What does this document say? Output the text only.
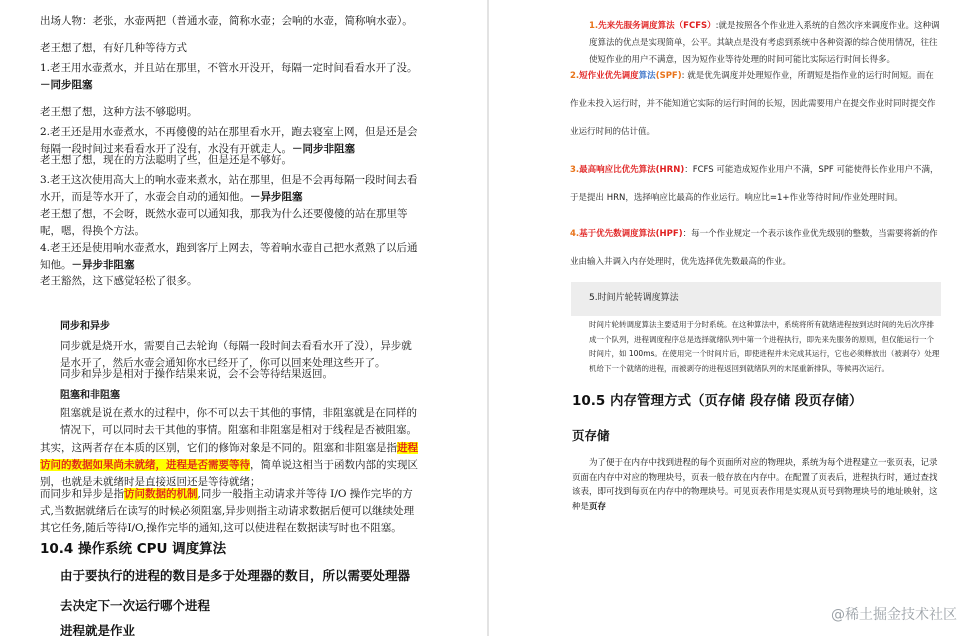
出场人物：老张，水壶两把（普通水壶，简称水壶；会响的水壶，简称响水壶）。

老王想了想，有好几种等待方式

1.老王用水壶煮水，并且站在那里，不管水开没开，每隔一定时间看看水开了没。－同步阻塞

老王想了想，这种方法不够聪明。

2.老王还是用水壶煮水，不再傻傻的站在那里看水开，跑去寝室上网，但是还是会每隔一段时间过来看看水开了没有，水没有开就走人。－同步非阻塞

老王想了想，现在的方法聪明了些，但是还是不够好。

3.老王这次使用高大上的响水壶来煮水，站在那里，但是不会再每隔一段时间去看水开，而是等水开了，水壶会自动的通知他。－异步阻塞

老王想了想，不会呀，既然水壶可以通知我，那我为什么还要傻傻的站在那里等呢，嗯，得换个方法。

4.老王还是使用响水壶煮水，跑到客厅上网去，等着响水壶自己把水煮熟了以后通知他。－异步非阻塞

老王豁然，这下感觉轻松了很多。

同步和异步

同步就是烧开水，需要自己去轮询（每隔一段时间去看看水开了没），异步就是水开了，然后水壶会通知你水已经开了，你可以回来处理这些开了。

同步和异步是相对于操作结果来说，会不会等待结果返回。

阻塞和非阻塞

阻塞就是说在煮水的过程中，你不可以去干其他的事情，非阻塞就是在同样的情况下，可以同时去干其他的事情。阻塞和非阻塞是相对于线程是否被阻塞。

其实，这两者存在本质的区别，它们的修饰对象是不同的。阻塞和非阻塞是指进程访问的数据如果尚未就绪，进程是否需要等待，简单说这相当于函数内部的实现区别，也就是未就绪时是直接返回还是等待就绪；

而同步和异步是指访问数据的机制,同步一般指主动请求并等待 I/O 操作完毕的方式,当数据就绪后在读写的时候必须阻塞,异步则指主动请求数据后便可以继续处理其它任务,随后等待I/O,操作完毕的通知,这可以使进程在数据读写时也不阻塞。

10.4 操作系统 CPU 调度算法

由于要执行的进程的数目是多于处理器的数目，所以需要处理器去决定下一次运行哪个进程

进程就是作业

1.先来先服务调度算法（FCFS）:就是按照各个作业进入系统的自然次序来调度作业。这种调度算法的优点是实现简单，公平。其缺点是没有考虑到系统中各种资源的综合使用情况，往往使短作业的用户不满意，因为短作业等待处理的时间可能比实际运行时间长得多。

2.短作业优先调度算法(SPF): 就是优先调度并处理短作业，所谓短是指作业的运行时间短。而在作业未投入运行时，并不能知道它实际的运行时间的长短，因此需要用户在提交作业时同时提交作业运行时间的估计值。

3.最高响应比优先算法(HRN)：FCFS 可能造成短作业用户不满，SPF 可能使得长作业用户不满，于是提出 HRN，选择响应比最高的作业运行。响应比=1+作业等待时间/作业处理时间。

4.基于优先数调度算法(HPF)：每一个作业规定一个表示该作业优先级别的整数，当需要将新的作业由输入井调入内存处理时，优先选择优先数最高的作业。

5.时间片轮转调度算法

时间片轮转调度算法主要适用于分时系统。在这种算法中，系统将所有就绪进程按到达时间的先后次序排成一个队列，进程调度程序总是选择就绪队列中第一个进程执行，即先来先服务的原则，但仅能运行一个时间片，如 100ms。在使用完一个时间片后，即使进程并未完成其运行，它也必须释放出（被剥夺）处理机给下一个就绪的进程，而被剥夺的进程返回到就绪队列的末尾重新排队，等候再次运行。

10.5 内存管理方式（页存储 段存储 段页存储）

页存储

为了便于在内存中找到进程的每个页面所对应的物理块，系统为每个进程建立一张页表，记录页面在内存中对应的物理块号，页表一般存放在内存中。在配置了页表后，进程执行时，通过查找该表，即可找到每页在内存中的物理块号。可见页表作用是实现从页号到物理块号的地址映射，这种是页存

@稀土掘金技术社区
